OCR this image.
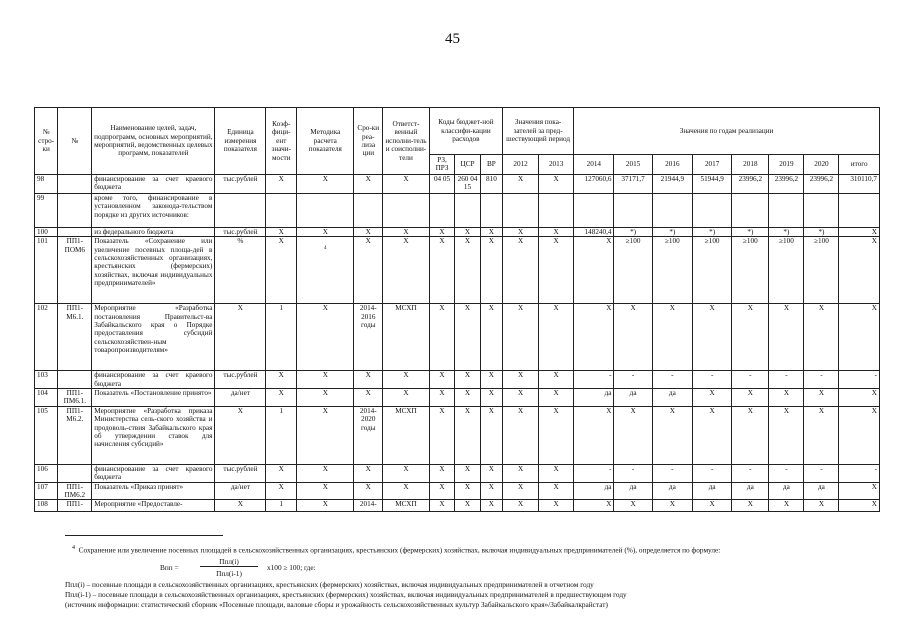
45
№ стро-ки	№	Наименование целей, задач, подпрограмм, основных мероприятий, мероприятий, ведомственных целевых программ, показателей	Единица измерения показателя	Коэф-фици-ент значи-мости	Методика расчета показателя	Сро-ки реа-лиза ции	Ответст-венный исполни-тель и соисполни-тели	Коды бюджет-ной классифи-кации расходов			Значения пока-зателей за пред-шествующий период		Значения по годам реализации							
								РЗ, ПРЗ	ЦСР	ВР	2012	2013	2014	2015	2016	2017	2018	2019	2020	итого
98		финансирование за счет краевого бюджета	тыс.рублей	Х	Х	Х	Х	04 05	260 04 15	810	Х	Х	127060,6	37171,7	21944,9	51944,9	23996,2	23996,2	23996,2	310110,7
99		кроме того, финансирование в установленном законода-тельством порядке из других источников:																		
100		из федерального бюджета	тыс.рублей	Х	Х	Х	Х	Х	Х	Х	Х	Х	148240,4	*)	*)	*)	*)	*)	*)	Х
101	ПП1-ПОМ6	Показатель «Сохранение или увеличение посевных площа-дей в сельскохозяйственных организациях, крестьянских (фермерских) хозяйствах, включая индивидуальных предпринимателей»	%	Х	4	Х	Х	Х	Х	Х	Х	Х	Х	≥100	≥100	≥100	≥100	≥100	≥100	Х
102	ПП1-М6.1.	Мероприятие «Разработка постановления Правительст-ва Забайкальского края о Порядке предоставления субсидий сельскохозяйствен-ным товаропроизводителям»	Х	1	Х	2014-2016 годы	МСХП	Х	Х	Х	Х	Х	Х	Х	Х	Х	Х	Х	Х	Х
103		финансирование за счет краевого бюджета	тыс.рублей	Х	Х	Х	Х	Х	Х	Х	Х	Х	-	-	-	-	-	-	-	-
104	ПП1-ПМ6.1.	Показатель «Постановление принято»	да/нет	Х	Х	Х	Х	Х	Х	Х	Х	Х	да	да	да	Х	Х	Х	Х	Х
105	ПП1-М6.2.	Мероприятие «Разработка приказа Министерства сель-ского хозяйства и продоволь-ствия Забайкальского края об утверждении ставок для начисления субсидий»	Х	1	Х	2014-2020 годы	МСХП	Х	Х	Х	Х	Х	Х	Х	Х	Х	Х	Х	Х	Х
106		финансирование за счет краевого бюджета	тыс.рублей	Х	Х	Х	Х	Х	Х	Х	Х	Х	-	-	-	-	-	-	-	-
107	ПП1-ПМ6.2	Показатель «Приказ принят»	да/нет	Х	Х	Х	Х	Х	Х	Х	Х	Х	да	да	да	да	да	да	да	Х
108	ПП1-	Мероприятие «Предоставле-	Х	1	Х	2014-	МСХП	Х	Х	Х	Х	Х	Х	Х	Х	Х	Х	Х	Х	Х
$^4$ Сохранение или увеличение посевных площадей в сельскохозяйственных организациях, крестьянских (фермерских) хозяйствах, включая индивидуальных предпринимателей (%), определяется по формуле:
Впп =
Ппл(i)
Ппл(i-1)
х100 ≥ 100; где:
Ппл(i) – посевные площади в сельскохозяйственных организациях, крестьянских (фермерских) хозяйствах, включая индивидуальных предпринимателей в отчетном году
Ппл(i-1) – посевные площади в сельскохозяйственных организациях, крестьянских (фермерских) хозяйствах, включая индивидуальных предпринимателей в предшествующем году
(источник информации: статистический сборник «Посевные площади, валовые сборы и урожайность сельскохозяйственных культур Забайкальского края»/Забайкалкрайстат)
